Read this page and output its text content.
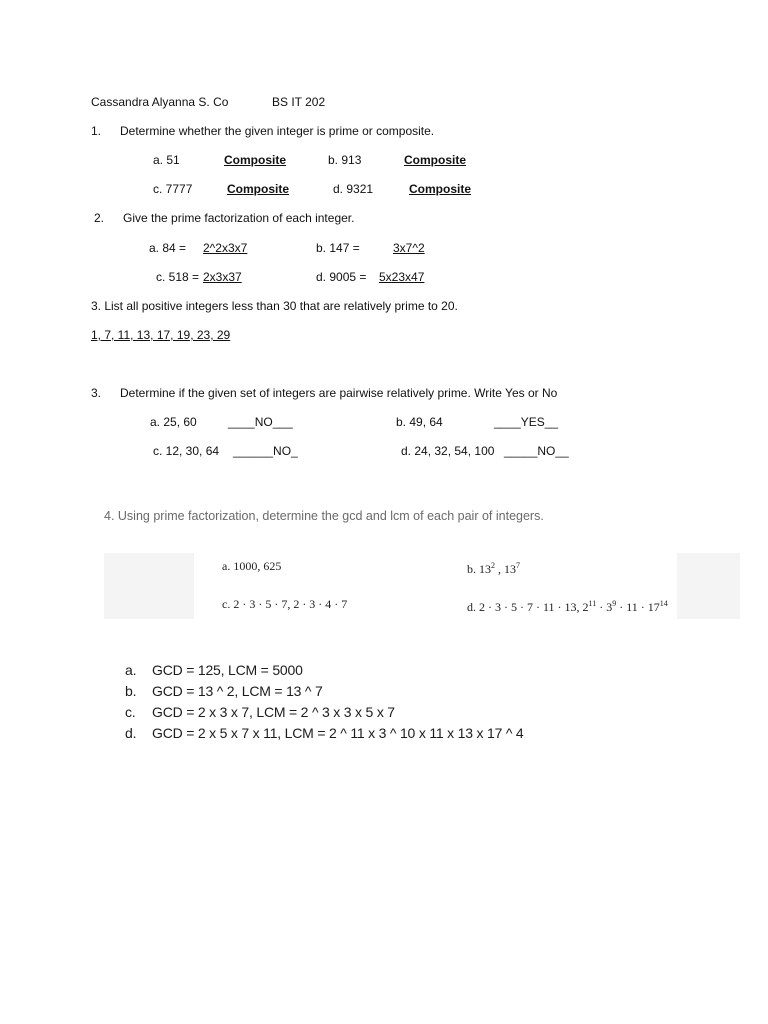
Cassandra Alyanna S. Co	BS IT 202
1. Determine whether the given integer is prime or composite.
a. 51	Composite	b. 913	Composite
c. 7777	Composite	d. 9321	Composite
2. Give the prime factorization of each integer.
a. 84 = 2^2x3x7	b. 147 =	3x7^2
c. 518 = 2x3x37	d. 9005 = 5x23x47
3. List all positive integers less than 30 that are relatively prime to 20.
1, 7, 11, 13, 17, 19, 23, 29
3. Determine if the given set of integers are pairwise relatively prime. Write Yes or No
a. 25, 60	____NO___	b. 49, 64	____YES__
c. 12, 30, 64 ______NO_	d. 24, 32, 54, 100 _____NO__
4. Using prime factorization, determine the gcd and lcm of each pair of integers.
a. 1000, 625	b. $13^2$ , $13^7$
c. 2 · 3 · 5 · 7, 2 · 3 · 4 · 7	d. 2 · 3 · 5 · 7 · 11 · 13, $2^{11} \cdot 3^9 \cdot 11 \cdot 17^{14}$
a. GCD = 125, LCM = 5000
b. GCD = 13 ^ 2, LCM = 13 ^ 7
c. GCD = 2 x 3 x 7, LCM = 2 ^ 3 x 3 x 5 x 7
d. GCD = 2 x 5 x 7 x 11, LCM = 2 ^ 11 x 3 ^ 10 x 11 x 13 x 17 ^ 4
